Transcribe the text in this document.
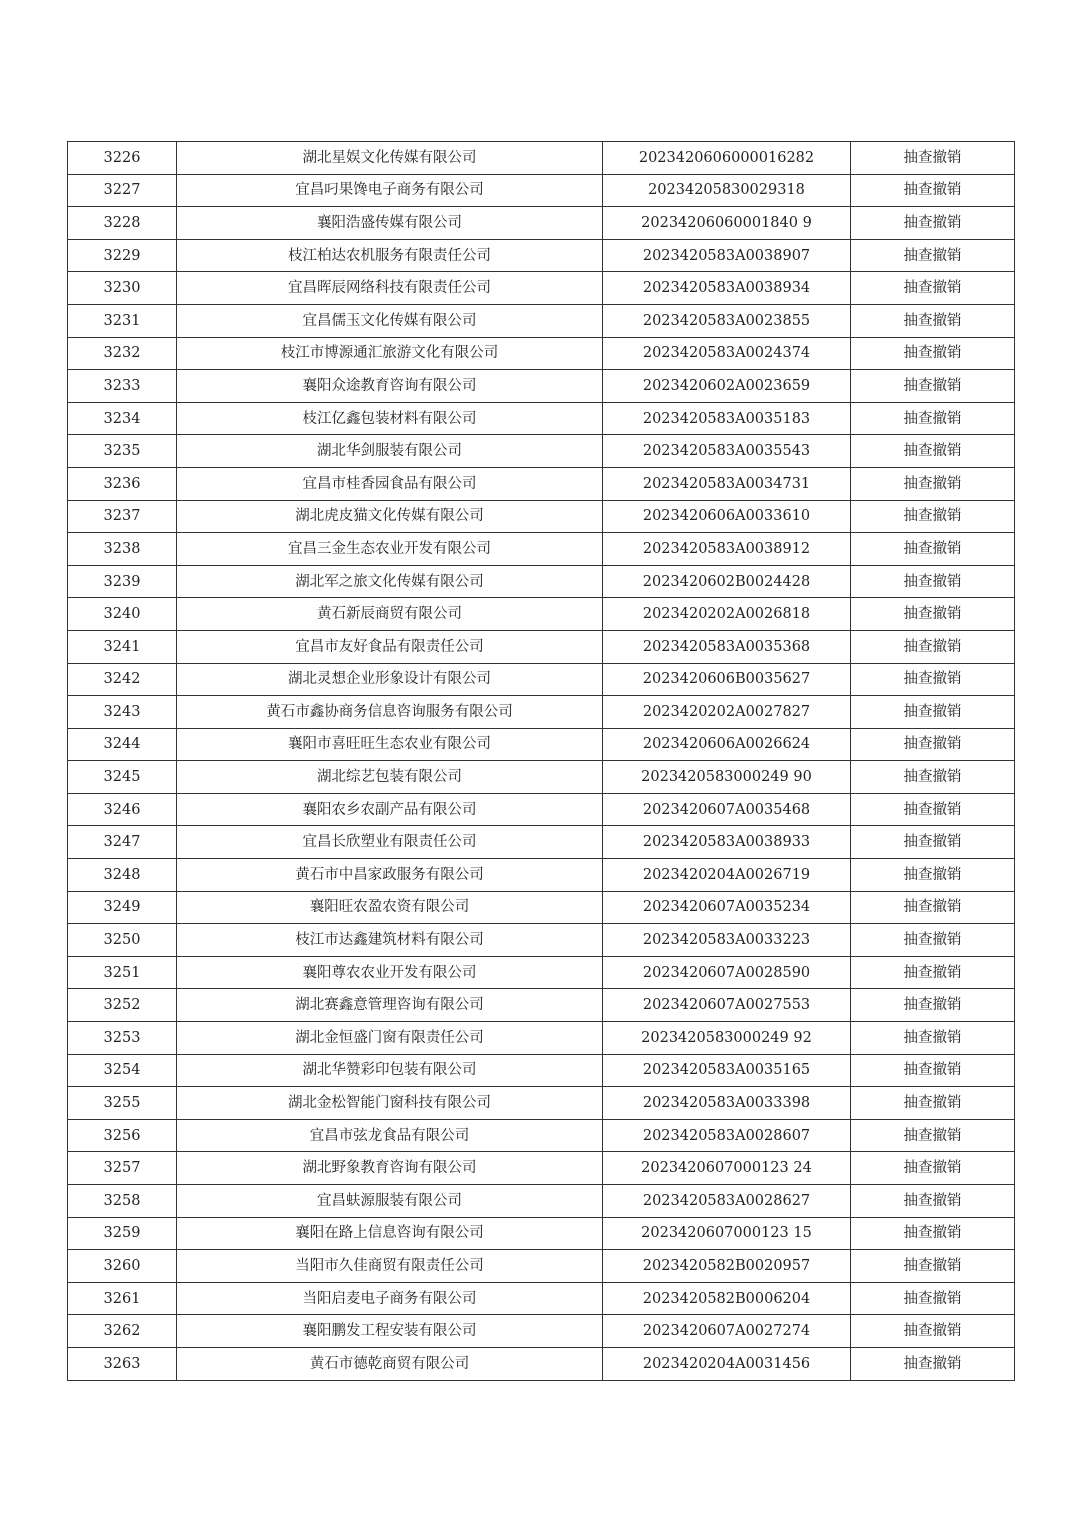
3226	湖北星娱文化传媒有限公司	2023420606000016282	抽查撤销
3227	宜昌叼果馋电子商务有限公司	20234205830029318	抽查撤销
3228	襄阳浩盛传媒有限公司	20234206060001840 9	抽查撤销
3229	枝江柏达农机服务有限责任公司	2023420583A0038907	抽查撤销
3230	宜昌晖辰网络科技有限责任公司	2023420583A0038934	抽查撤销
3231	宜昌儒玉文化传媒有限公司	2023420583A0023855	抽查撤销
3232	枝江市博源通汇旅游文化有限公司	2023420583A0024374	抽查撤销
3233	襄阳众途教育咨询有限公司	2023420602A0023659	抽查撤销
3234	枝江亿鑫包装材料有限公司	2023420583A0035183	抽查撤销
3235	湖北华剑服装有限公司	2023420583A0035543	抽查撤销
3236	宜昌市桂香园食品有限公司	2023420583A0034731	抽查撤销
3237	湖北虎皮猫文化传媒有限公司	2023420606A0033610	抽查撤销
3238	宜昌三金生态农业开发有限公司	2023420583A0038912	抽查撤销
3239	湖北军之旅文化传媒有限公司	2023420602B0024428	抽查撤销
3240	黄石新辰商贸有限公司	2023420202A0026818	抽查撤销
3241	宜昌市友好食品有限责任公司	2023420583A0035368	抽查撤销
3242	湖北灵想企业形象设计有限公司	2023420606B0035627	抽查撤销
3243	黄石市鑫协商务信息咨询服务有限公司	2023420202A0027827	抽查撤销
3244	襄阳市喜旺旺生态农业有限公司	2023420606A0026624	抽查撤销
3245	湖北综艺包装有限公司	2023420583000249 90	抽查撤销
3246	襄阳农乡农副产品有限公司	2023420607A0035468	抽查撤销
3247	宜昌长欣塑业有限责任公司	2023420583A0038933	抽查撤销
3248	黄石市中昌家政服务有限公司	2023420204A0026719	抽查撤销
3249	襄阳旺农盈农资有限公司	2023420607A0035234	抽查撤销
3250	枝江市达鑫建筑材料有限公司	2023420583A0033223	抽查撤销
3251	襄阳尊农农业开发有限公司	2023420607A0028590	抽查撤销
3252	湖北赛鑫意管理咨询有限公司	2023420607A0027553	抽查撤销
3253	湖北金恒盛门窗有限责任公司	2023420583000249 92	抽查撤销
3254	湖北华赞彩印包装有限公司	2023420583A0035165	抽查撤销
3255	湖北金松智能门窗科技有限公司	2023420583A0033398	抽查撤销
3256	宜昌市弦龙食品有限公司	2023420583A0028607	抽查撤销
3257	湖北野象教育咨询有限公司	2023420607000123 24	抽查撤销
3258	宜昌蚨源服装有限公司	2023420583A0028627	抽查撤销
3259	襄阳在路上信息咨询有限公司	2023420607000123 15	抽查撤销
3260	当阳市久佳商贸有限责任公司	2023420582B0020957	抽查撤销
3261	当阳启麦电子商务有限公司	2023420582B0006204	抽查撤销
3262	襄阳鹏发工程安装有限公司	2023420607A0027274	抽查撤销
3263	黄石市德乾商贸有限公司	2023420204A0031456	抽查撤销
